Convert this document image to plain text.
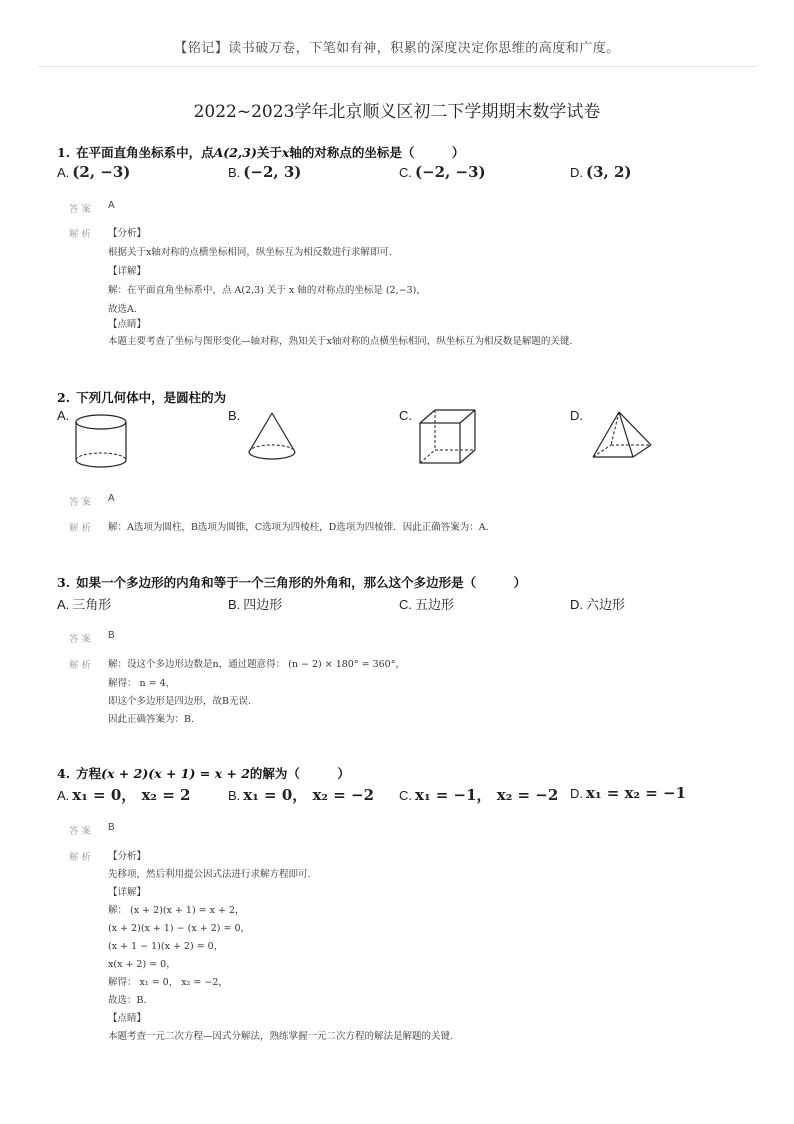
【铭记】读书破万卷，下笔如有神，积累的深度决定你思维的高度和广度。
2022~2023学年北京顺义区初二下学期期末数学试卷
1. 在平面直角坐标系中，点A(2,3)关于x轴的对称点的坐标是（　　　）
A. (2, −3)	B. (−2, 3)	C. (−2, −3)	D. (3, 2)
答案 A
解析 【分析】
根据关于x轴对称的点横坐标相同，纵坐标互为相反数进行求解即可.
【详解】
解：在平面直角坐标系中，点 A(2,3) 关于 x 轴的对称点的坐标是 (2,−3)，
故选A.
【点睛】
本题主要考查了坐标与图形变化—轴对称，熟知关于x轴对称的点横坐标相同，纵坐标互为相反数是解题的关键.
2. 下列几何体中，是圆柱的为
A.	B.	C.	D.
答案 A
解析 解：A选项为圆柱，B选项为圆锥，C选项为四棱柱，D选项为四棱锥．因此正确答案为：A.
3. 如果一个多边形的内角和等于一个三角形的外角和，那么这个多边形是（　　　）
A. 三角形	B. 四边形	C. 五边形	D. 六边形
答案 B
解析 解：设这个多边形边数是n，通过题意得： (n − 2) × 180° = 360°，
解得： n = 4，
即这个多边形是四边形，故B无误.
因此正确答案为：B.
4. 方程(x + 2)(x + 1) = x + 2的解为（　　　）
A. x₁ = 0， x₂ = 2	B. x₁ = 0， x₂ = −2 C. x₁ = −1， x₂ = −2 D. x₁ = x₂ = −1
答案 B
解析 【分析】
先移项，然后利用提公因式法进行求解方程即可.
【详解】
解： (x + 2)(x + 1) = x + 2，
(x + 2)(x + 1) − (x + 2) = 0，
(x + 1 − 1)(x + 2) = 0，
x(x + 2) = 0，
解得： x₁ = 0， x₂ = −2，
故选：B.
【点睛】
本题考查一元二次方程—因式分解法，熟练掌握一元二次方程的解法是解题的关键.
